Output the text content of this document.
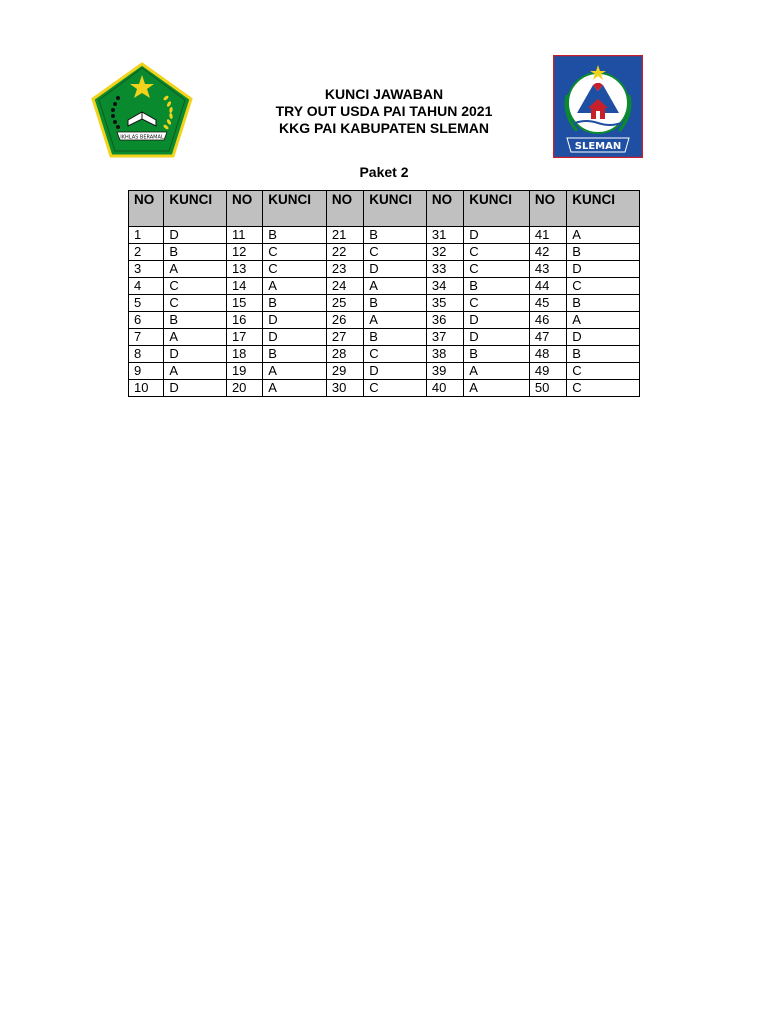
IKHLAS BERAMAL
KUNCI JAWABAN
TRY OUT USDA PAI TAHUN 2021
KKG PAI KABUPATEN SLEMAN
SLEMAN
Paket 2
NO	KUNCI	NO	KUNCI	NO	KUNCI	NO	KUNCI	NO	KUNCI
1	D	11	B	21	B	31	D	41	A
2	B	12	C	22	C	32	C	42	B
3	A	13	C	23	D	33	C	43	D
4	C	14	A	24	A	34	B	44	C
5	C	15	B	25	B	35	C	45	B
6	B	16	D	26	A	36	D	46	A
7	A	17	D	27	B	37	D	47	D
8	D	18	B	28	C	38	B	48	B
9	A	19	A	29	D	39	A	49	C
10	D	20	A	30	C	40	A	50	C
